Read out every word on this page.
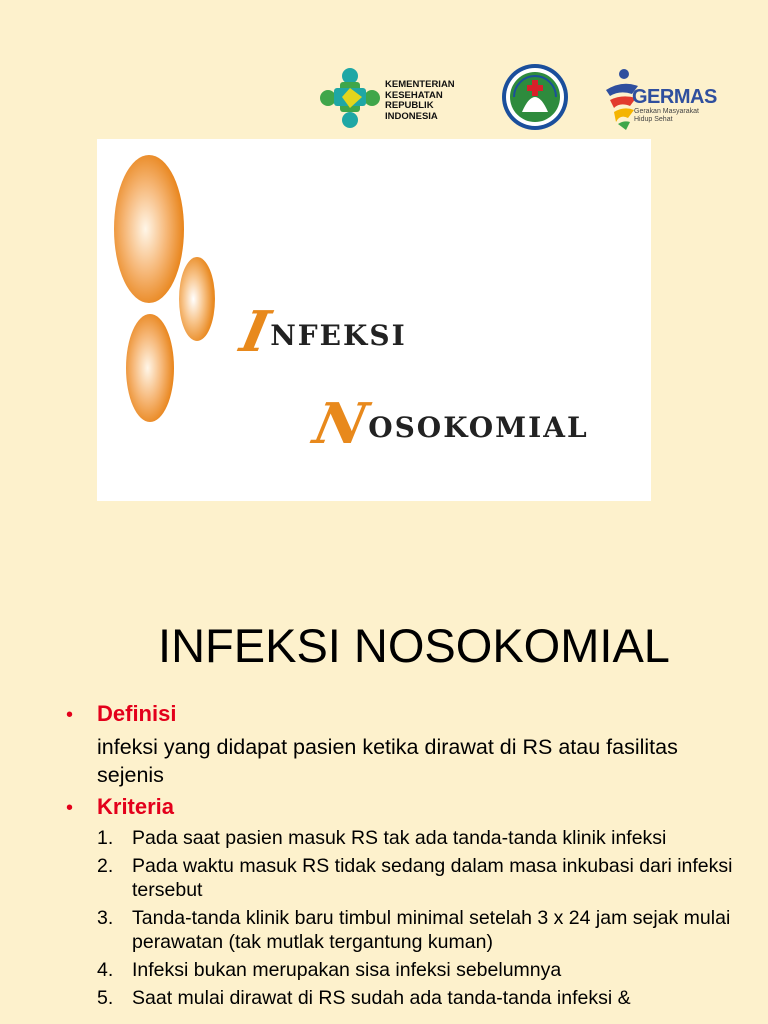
KEMENTERIAN
KESEHATAN
REPUBLIK
INDONESIA
GERMAS
Gerakan Masyarakat
Hidup Sehat
INFEKSI
NOSOKOMIAL
INFEKSI NOSOKOMIAL
•	Definisi
infeksi yang didapat pasien ketika dirawat di RS atau fasilitas sejenis
•	Kriteria
1. Pada saat pasien masuk RS tak ada tanda-tanda klinik infeksi
2. Pada waktu masuk RS tidak sedang dalam masa inkubasi dari infeksi tersebut
3. Tanda-tanda klinik baru timbul minimal setelah 3 x 24 jam sejak mulai perawatan (tak mutlak tergantung kuman)
4. Infeksi bukan merupakan sisa infeksi sebelumnya
5. Saat mulai dirawat di RS sudah ada tanda-tanda infeksi &
